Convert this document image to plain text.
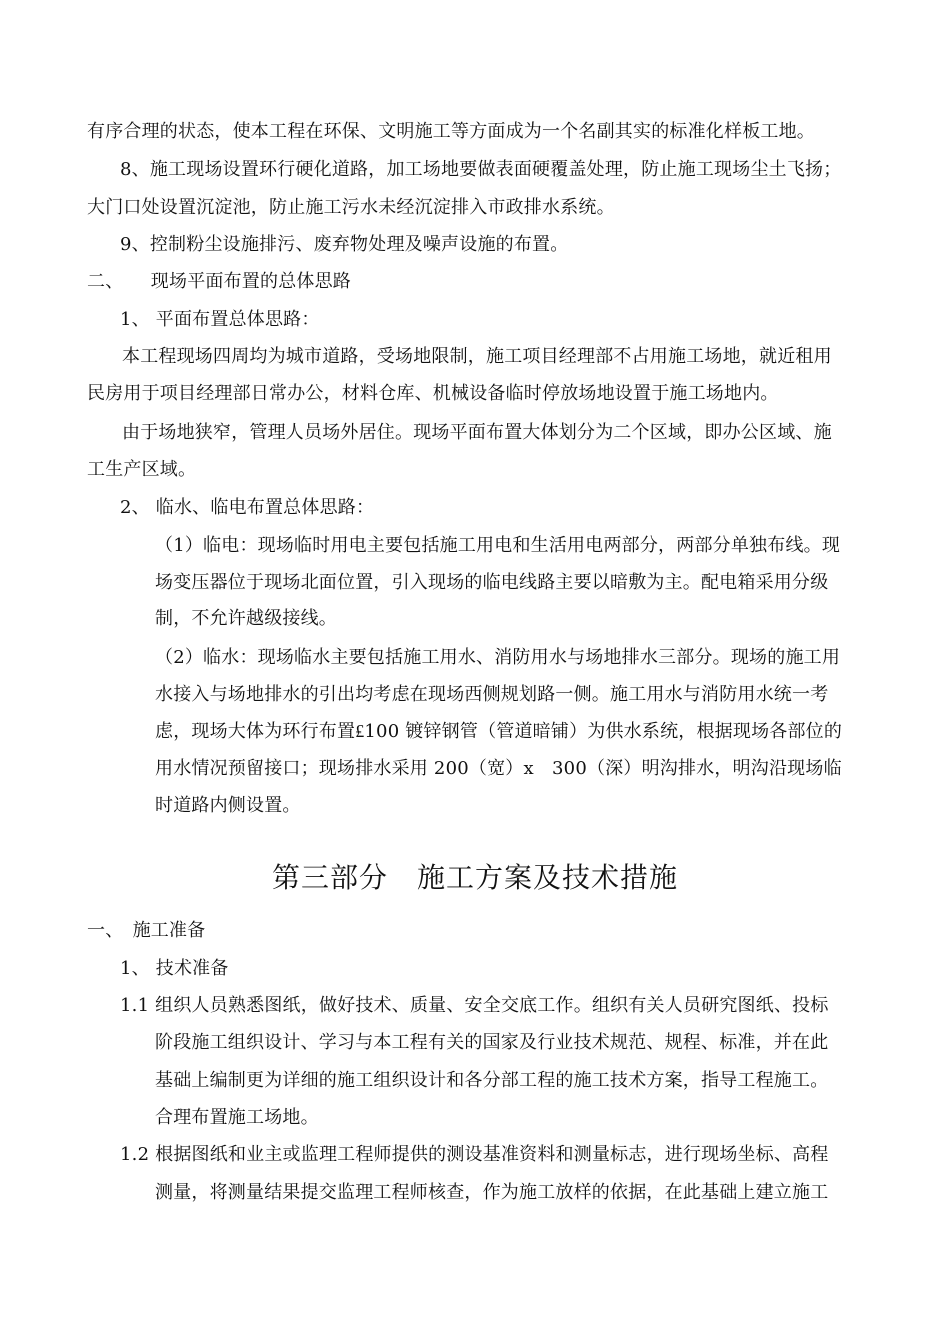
有序合理的状态，使本工程在环保、文明施工等方面成为一个名副其实的标准化样板工地。
8、施工现场设置环行硬化道路，加工场地要做表面硬覆盖处理，防止施工现场尘土飞扬；
大门口处设置沉淀池，防止施工污水未经沉淀排入市政排水系统。
9、控制粉尘设施排污、废弃物处理及噪声设施的布置。
二、　　现场平面布置的总体思路
1、 平面布置总体思路：
本工程现场四周均为城市道路，受场地限制，施工项目经理部不占用施工场地，就近租用
民房用于项目经理部日常办公，材料仓库、机械设备临时停放场地设置于施工场地内。
由于场地狭窄，管理人员场外居住。现场平面布置大体划分为二个区域，即办公区域、施
工生产区域。
2、 临水、临电布置总体思路：
（1）临电：现场临时用电主要包括施工用电和生活用电两部分，两部分单独布线。现
场变压器位于现场北面位置，引入现场的临电线路主要以暗敷为主。配电箱采用分级
制，不允许越级接线。
（2）临水：现场临水主要包括施工用水、消防用水与场地排水三部分。现场的施工用
水接入与场地排水的引出均考虑在现场西侧规划路一侧。施工用水与消防用水统一考
虑，现场大体为环行布置₤100 镀锌钢管（管道暗铺）为供水系统，根据现场各部位的
用水情况预留接口；现场排水采用 200（宽）x　300（深）明沟排水，明沟沿现场临
时道路内侧设置。
第三部分　施工方案及技术措施
一、　施工准备
1、 技术准备
1.1 组织人员熟悉图纸，做好技术、质量、安全交底工作。组织有关人员研究图纸、投标
阶段施工组织设计、学习与本工程有关的国家及行业技术规范、规程、标准，并在此
基础上编制更为详细的施工组织设计和各分部工程的施工技术方案，指导工程施工。
合理布置施工场地。
1.2 根据图纸和业主或监理工程师提供的测设基准资料和测量标志，进行现场坐标、高程
测量，将测量结果提交监理工程师核查，作为施工放样的依据，在此基础上建立施工
